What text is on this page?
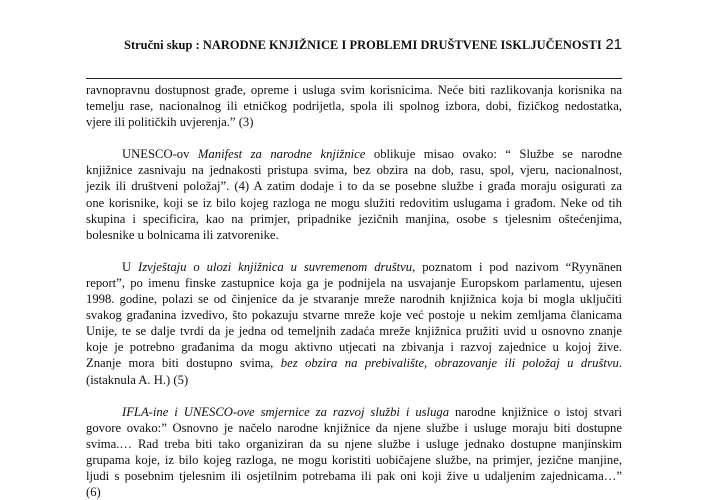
Stručni skup : NARODNE KNJIŽNICE I PROBLEMI DRUŠTVENE ISKLJUČENOSTI 21

ravnopravnu dostupnost građe, opreme i usluga svim korisnicima. Neće biti razlikovanja korisnika na
temelju rase, nacionalnog ili etničkog podrijetla, spola ili spolnog izbora, dobi, fizičkog nedostatka,
vjere ili političkih uvjerenja.” (3)

UNESCO-ov Manifest za narodne knjižnice oblikuje misao ovako: “ Službe se narodne
knjižnice zasnivaju na jednakosti pristupa svima, bez obzira na dob, rasu, spol, vjeru, nacionalnost,
jezik ili društveni položaj”. (4) A zatim dodaje i to da se posebne službe i građa moraju osigurati za
one korisnike, koji se iz bilo kojeg razloga ne mogu služiti redovitim uslugama i građom. Neke od tih
skupina i specificira, kao na primjer, pripadnike jezičnih manjina, osobe s tjelesnim oštećenjima,
bolesnike u bolnicama ili zatvorenike.

U Izvještaju o ulozi knjižnica u suvremenom društvu, poznatom i pod nazivom “Ryynänen
report”, po imenu finske zastupnice koja ga je podnijela na usvajanje Europskom parlamentu, ujesen
1998. godine, polazi se od činjenice da je stvaranje mreže narodnih knjižnica koja bi mogla uključiti
svakog građanina izvedivo, što pokazuju stvarne mreže koje već postoje u nekim zemljama članicama
Unije, te se dalje tvrdi da je jedna od temeljnih zadaća mreže knjižnica pružiti uvid u osnovno znanje
koje je potrebno građanima da mogu aktivno utjecati na zbivanja i razvoj zajednice u kojoj žive.
Znanje mora biti dostupno svima, bez obzira na prebivalište, obrazovanje ili položaj u društvu.
(istaknula A. H.) (5)

IFLA-ine i UNESCO-ove smjernice za razvoj službi i usluga narodne knjižnice o istoj stvari
govore ovako:” Osnovno je načelo narodne knjižnice da njene službe i usluge moraju biti dostupne
svima.… Rad treba biti tako organiziran da su njene službe i usluge jednako dostupne manjinskim
grupama koje, iz bilo kojeg razloga, ne mogu koristiti uobičajene službe, na primjer, jezične manjine,
ljudi s posebnim tjelesnim ili osjetilnim potrebama ili pak oni koji žive u udaljenim zajednicama…”
(6)
